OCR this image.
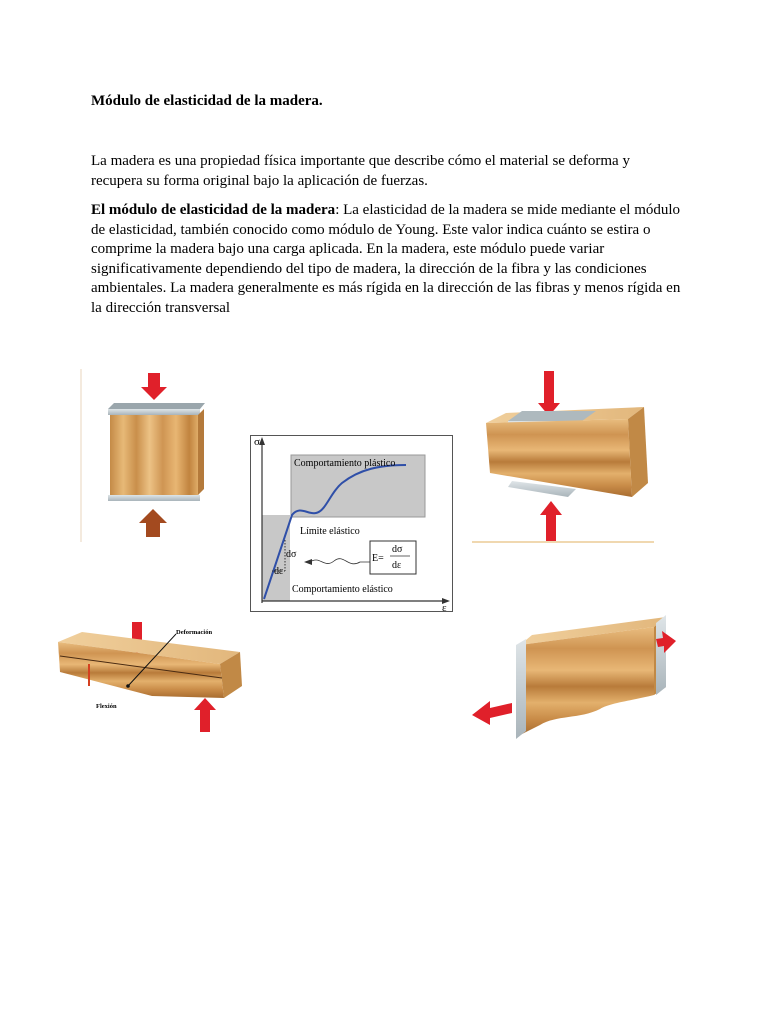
Módulo de elasticidad de la madera.

La madera es una propiedad física importante que describe cómo el material se deforma y recupera su forma original bajo la aplicación de fuerzas.

El módulo de elasticidad de la madera: La elasticidad de la madera se mide mediante el módulo de elasticidad, también conocido como módulo de Young. Este valor indica cuánto se estira o comprime la madera bajo una carga aplicada. En la madera, este módulo puede variar significativamente dependiendo del tipo de madera, la dirección de la fibra y las condiciones ambientales. La madera generalmente es más rígida en la dirección de las fibras y menos rígida en la dirección transversal

σ
ε
Comportamiento plástico
Límite elástico
dσ
dε
E=
dσ
dε
Comportamiento elástico
Deformación
Flexión
